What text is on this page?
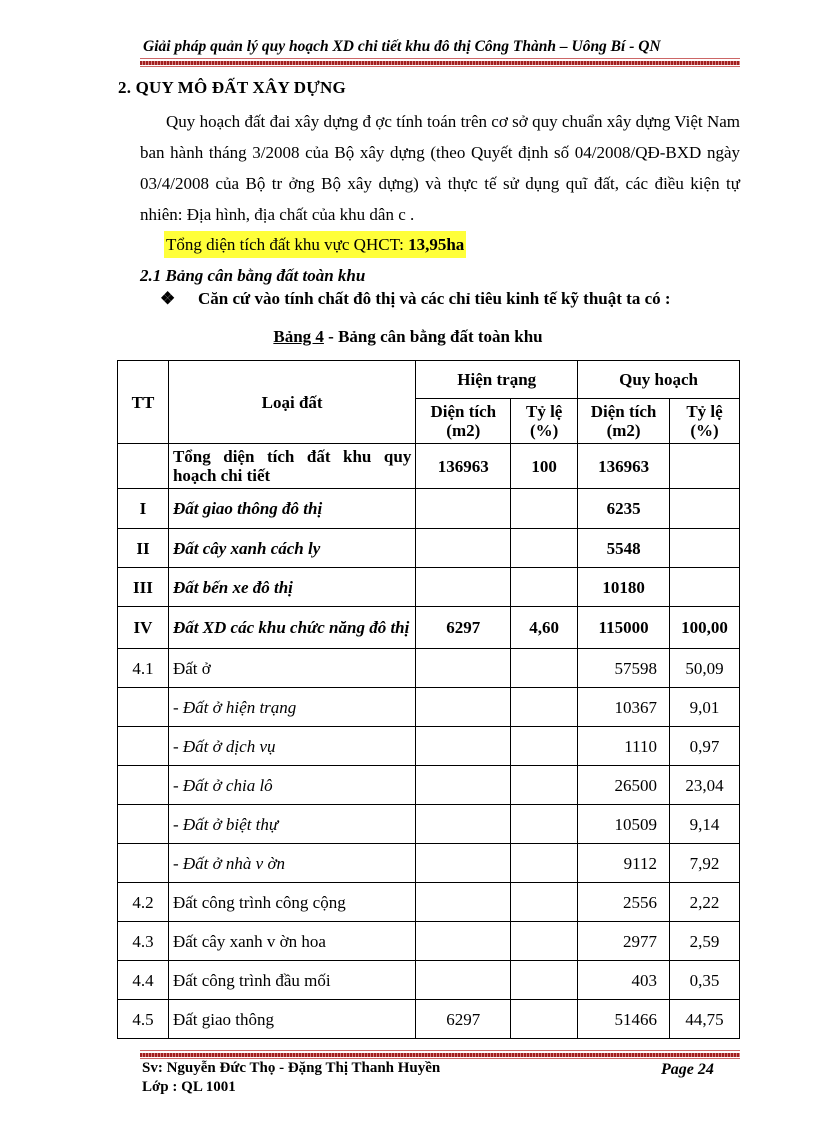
Giải pháp quản lý quy hoạch XD chi tiết khu đô thị Công Thành – Uông Bí - QN
2. QUY MÔ ĐẤT XÂY DỰNG
Quy hoạch đất đai xây dựng đ ợc tính toán trên cơ sở quy chuẩn xây dựng Việt Nam ban hành tháng 3/2008 của Bộ xây dựng (theo Quyết định số 04/2008/QĐ-BXD ngày 03/4/2008 của Bộ tr ởng Bộ xây dựng) và thực tế sử dụng quĩ đất, các điều kiện tự nhiên: Địa hình, địa chất của khu dân c .
Tổng diện tích đất khu vực QHCT: 13,95ha
2.1 Bảng cân bằng đất toàn khu
❖ Căn cứ vào tính chất đô thị và các chỉ tiêu kinh tế kỹ thuật ta có :
Bảng 4 - Bảng cân bằng đất toàn khu
TT	Loại đất	Hiện trạng		Quy hoạch	
		Diện tích (m2)	Tỷ lệ (%)	Diện tích (m2)	Tỷ lệ (%)
	Tổng diện tích đất khu quy hoạch chi tiết	136963	100	136963	
I	Đất giao thông đô thị			6235	
II	Đất cây xanh cách ly			5548	
III	Đất bến xe đô thị			10180	
IV	Đất XD các khu chức năng đô thị	6297	4,60	115000	100,00
4.1	Đất ở			57598	50,09
	- Đất ở hiện trạng			10367	9,01
	- Đất ở dịch vụ			1110	0,97
	- Đất ở chia lô			26500	23,04
	- Đất ở biệt thự			10509	9,14
	- Đất ở nhà v ờn			9112	7,92
4.2	Đất công trình công cộng			2556	2,22
4.3	Đất cây xanh v ờn hoa			2977	2,59
4.4	Đất công trình đầu mối			403	0,35
4.5	Đất giao thông	6297		51466	44,75
Sv: Nguyễn Đức Thọ - Đặng Thị Thanh Huyền
Lớp : QL 1001
Page 24
